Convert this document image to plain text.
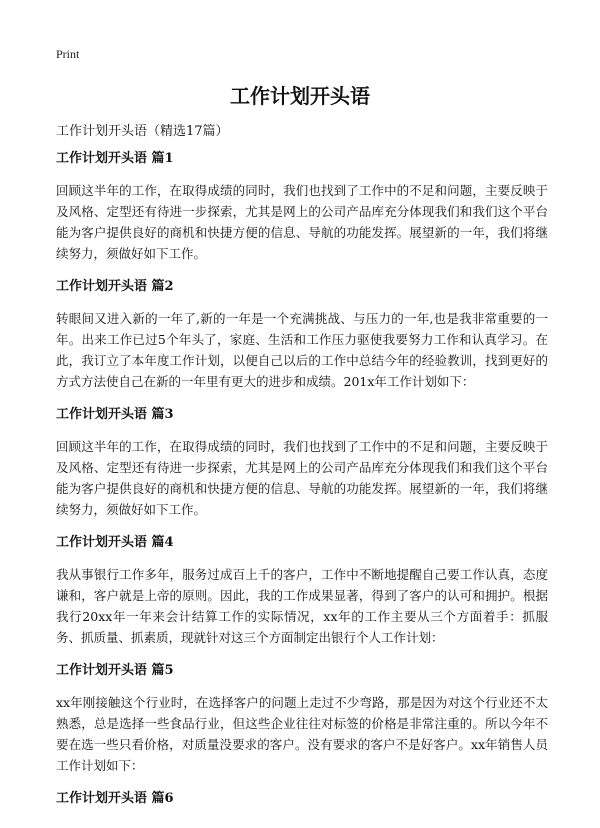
Print
工作计划开头语

工作计划开头语（精选17篇）

工作计划开头语 篇1

回顾这半年的工作，在取得成绩的同时，我们也找到了工作中的不足和问题，主要反映于及风格、定型还有待进一步探索，尤其是网上的公司产品库充分体现我们和我们这个平台能为客户提供良好的商机和快捷方便的信息、导航的功能发挥。展望新的一年，我们将继续努力，须做好如下工作。

工作计划开头语 篇2

转眼间又进入新的一年了,新的一年是一个充满挑战、与压力的一年,也是我非常重要的一年。出来工作已过5个年头了，家庭、生活和工作压力驱使我要努力工作和认真学习。在此，我订立了本年度工作计划，以便自己以后的工作中总结今年的经验教训，找到更好的方式方法使自己在新的一年里有更大的进步和成绩。201x年工作计划如下：

工作计划开头语 篇3

回顾这半年的工作，在取得成绩的同时，我们也找到了工作中的不足和问题，主要反映于及风格、定型还有待进一步探索，尤其是网上的公司产品库充分体现我们和我们这个平台能为客户提供良好的商机和快捷方便的信息、导航的功能发挥。展望新的一年，我们将继续努力，须做好如下工作。

工作计划开头语 篇4

我从事银行工作多年，服务过成百上千的客户，工作中不断地提醒自己要工作认真，态度谦和，客户就是上帝的原则。因此，我的工作成果显著，得到了客户的认可和拥护。根据我行20xx年一年来会计结算工作的实际情况，xx年的工作主要从三个方面着手：抓服务、抓质量、抓素质，现就针对这三个方面制定出银行个人工作计划：

工作计划开头语 篇5

xx年刚接触这个行业时，在选择客户的问题上走过不少弯路，那是因为对这个行业还不太熟悉，总是选择一些食品行业，但这些企业往往对标签的价格是非常注重的。所以今年不要在选一些只看价格，对质量没要求的客户。没有要求的客户不是好客户。xx年销售人员工作计划如下：

工作计划开头语 篇6
